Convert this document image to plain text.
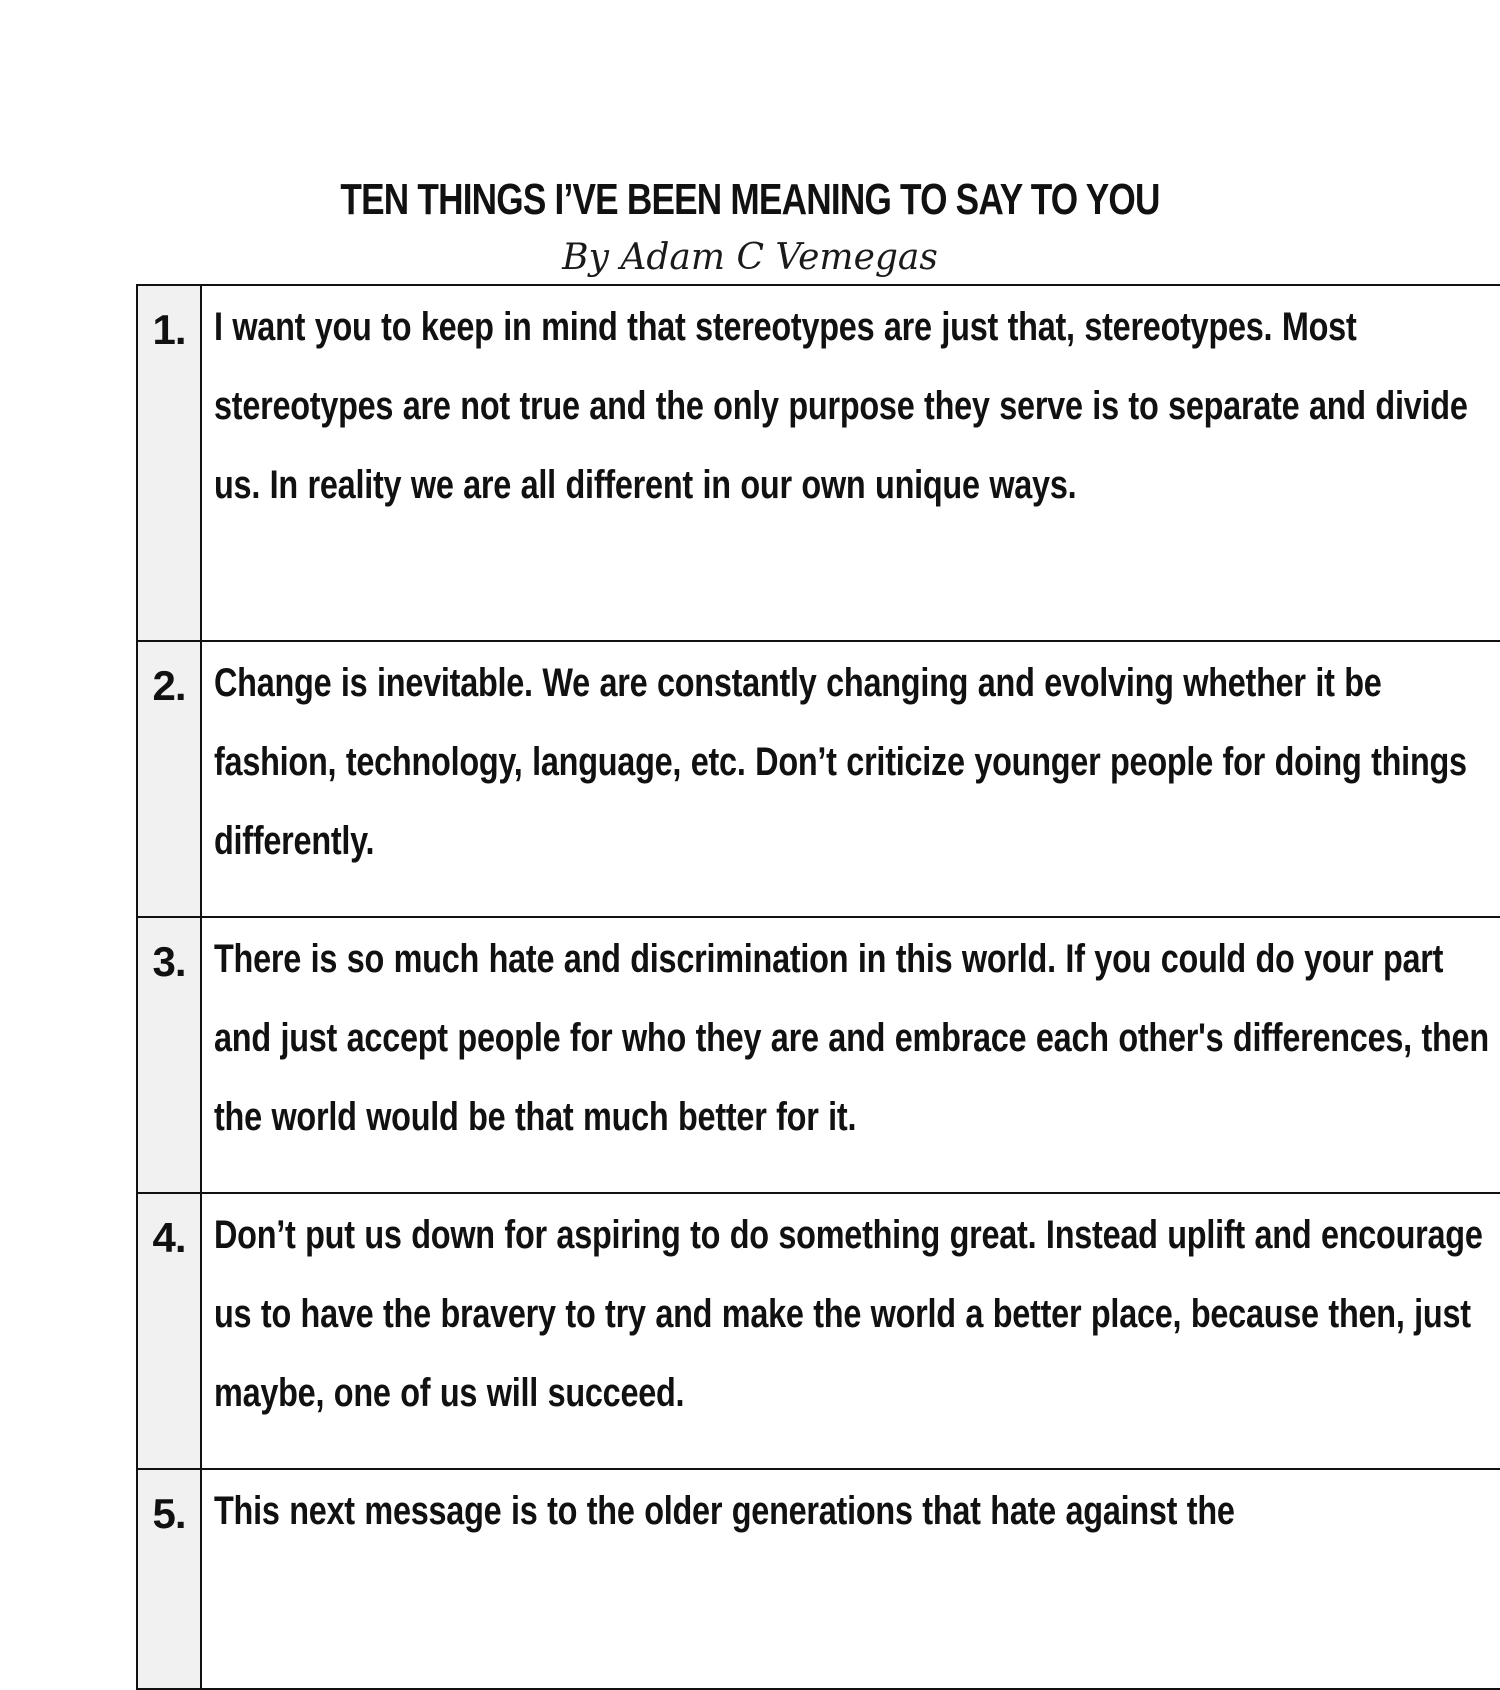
TEN THINGS I’VE BEEN MEANING TO SAY TO YOU
By Adam C Vemegas
1.	I want you to keep in mind that stereotypes are just that, stereotypes. Most stereotypes are not true and the only purpose they serve is to separate and divide us. In reality we are all different in our own unique ways.

2.	Change is inevitable. We are constantly changing and evolving whether it be fashion, technology, language, etc. Don’t criticize younger people for doing things differently.

3.	There is so much hate and discrimination in this world. If you could do your part and just accept people for who they are and embrace each other's differences, then the world would be that much better for it.

4.	Don’t put us down for aspiring to do something great. Instead uplift and encourage us to have the bravery to try and make the world a better place, because then, just maybe, one of us will succeed.

5.	This next message is to the older generations that hate against the
